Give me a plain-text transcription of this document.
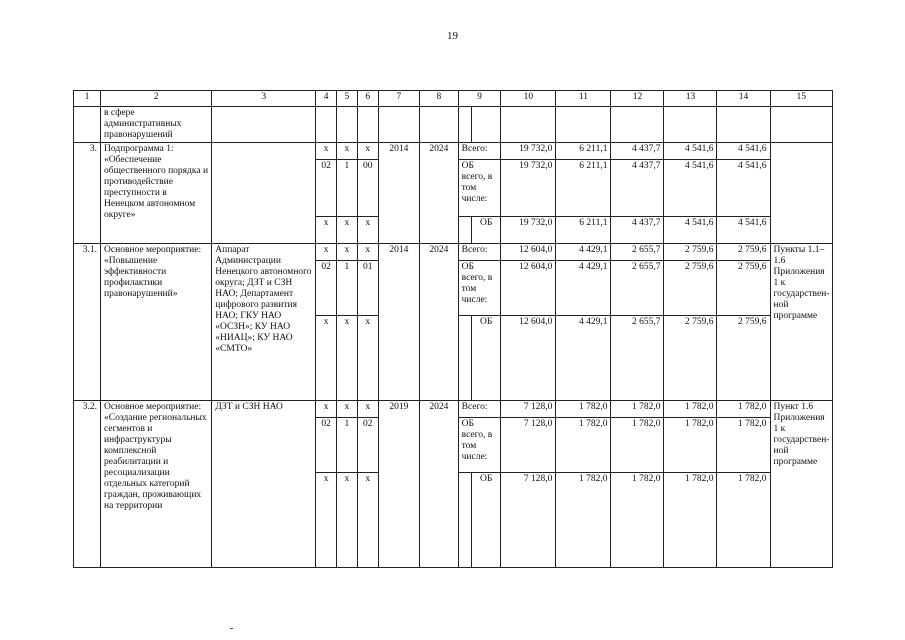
19
1	2	3	4	5	6	7	8	9		10	11	12	13	14	15
	в сфере административных правонарушений														
3.	Подпрограмма 1: «Обеспечение общественного порядка и противодействие преступности в Ненецком автономном округе»		х	х	х	2014	2024	Всего:		19 732,0	6 211,1	4 437,7	4 541,6	4 541,6	
			02	1	00			ОБ всего, в том числе:		19 732,0	6 211,1	4 437,7	4 541,6	4 541,6	
			х	х	х				ОБ	19 732,0	6 211,1	4 437,7	4 541,6	4 541,6	
3.1.	Основное мероприятие: «Повышение эффективности профилактики правонарушений»	Аппарат Администрации Ненецкого автономного округа; ДЗТ и СЗН НАО; Департамент цифрового развития НАО; ГКУ НАО «ОСЗН»; КУ НАО «НИАЦ»; КУ НАО «СМТО»	х	х	х	2014	2024	Всего:		12 604,0	4 429,1	2 655,7	2 759,6	2 759,6	Пункты 1.1–1.6 Приложения 1 к государствен-ной программе
			02	1	01			ОБ всего, в том числе:		12 604,0	4 429,1	2 655,7	2 759,6	2 759,6	
			х	х	х				ОБ	12 604,0	4 429,1	2 655,7	2 759,6	2 759,6	
3.2.	Основное мероприятие: «Создание региональных сегментов и инфраструктуры комплексной реабилитации и ресоциализации отдельных категорий граждан, проживающих на территории	ДЗТ и СЗН НАО	х	х	х	2019	2024	Всего:		7 128,0	1 782,0	1 782,0	1 782,0	1 782,0	Пункт 1.6 Приложения 1 к государствен-ной программе
			02	1	02			ОБ всего, в том числе:		7 128,0	1 782,0	1 782,0	1 782,0	1 782,0	
			х	х	х				ОБ	7 128,0	1 782,0	1 782,0	1 782,0	1 782,0	
